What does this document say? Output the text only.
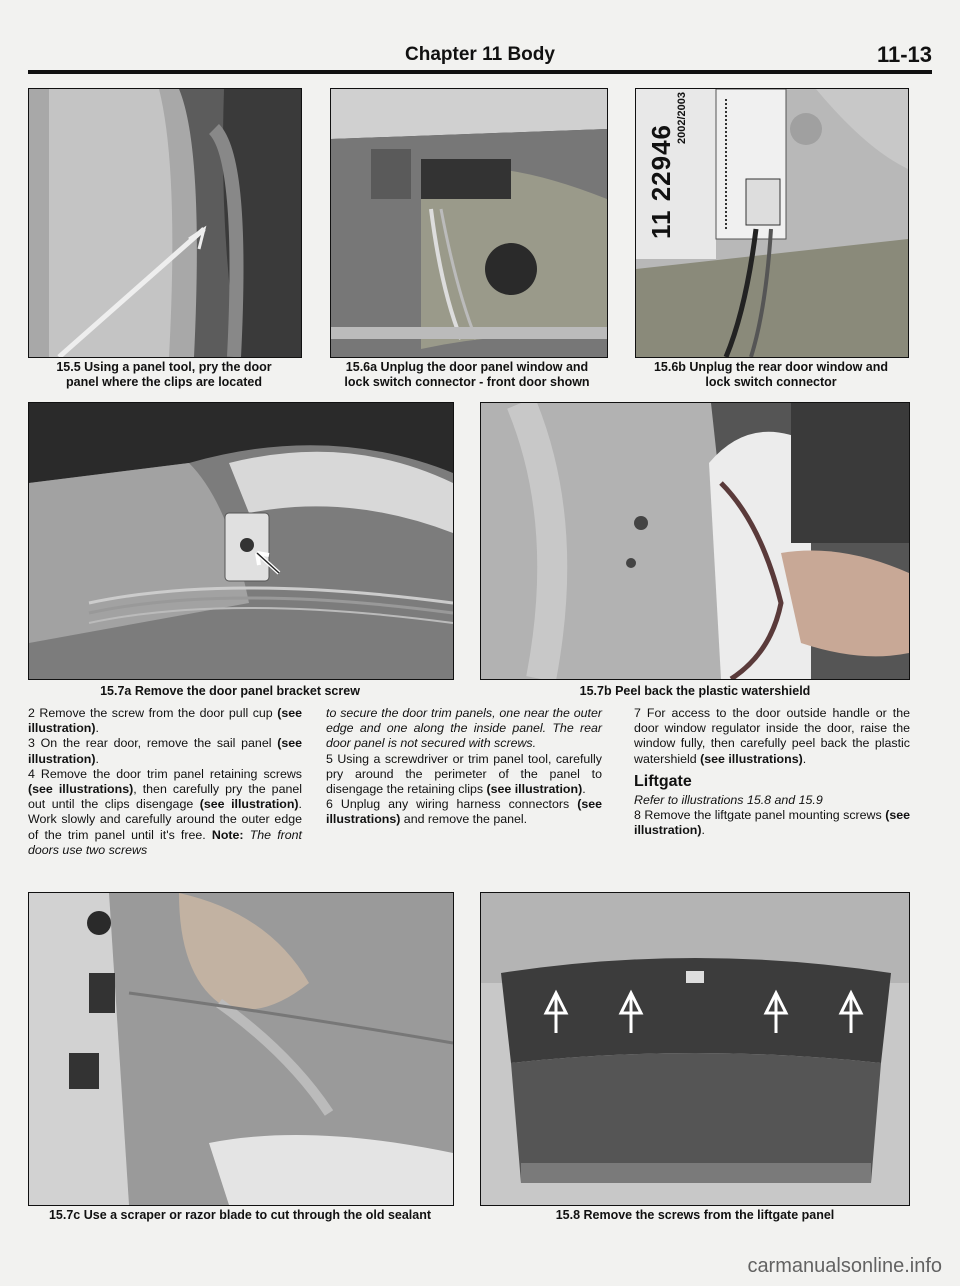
Chapter 11 Body	11-13
2002/2003
11 22946
15.5 Using a panel tool, pry the door
panel where the clips are located
15.6a Unplug the door panel window and
lock switch connector - front door shown
15.6b Unplug the rear door window and
lock switch connector
15.7a Remove the door panel bracket screw	15.7b Peel back the plastic watershield

2 Remove the screw from the door pull cup (see illustration).

3 On the rear door, remove the sail panel (see illustration).

4 Remove the door trim panel retaining screws (see illustrations), then carefully pry the panel out until the clips disengage (see illustration). Work slowly and carefully around the outer edge of the trim panel until it's free. Note: The front doors use two screws

to secure the door trim panels, one near the outer edge and one along the inside panel. The rear door panel is not secured with screws.

5 Using a screwdriver or trim panel tool, carefully pry around the perimeter of the panel to disengage the retaining clips (see illustration).

6 Unplug any wiring harness connectors (see illustrations) and remove the panel.

7 For access to the door outside handle or the door window regulator inside the door, raise the window fully, then carefully peel back the plastic watershield (see illustrations).

Liftgate

Refer to illustrations 15.8 and 15.9

8 Remove the liftgate panel mounting screws (see illustration).

15.7c Use a scraper or razor blade to cut through the old sealant	15.8 Remove the screws from the liftgate panel
carmanualsonline.info
